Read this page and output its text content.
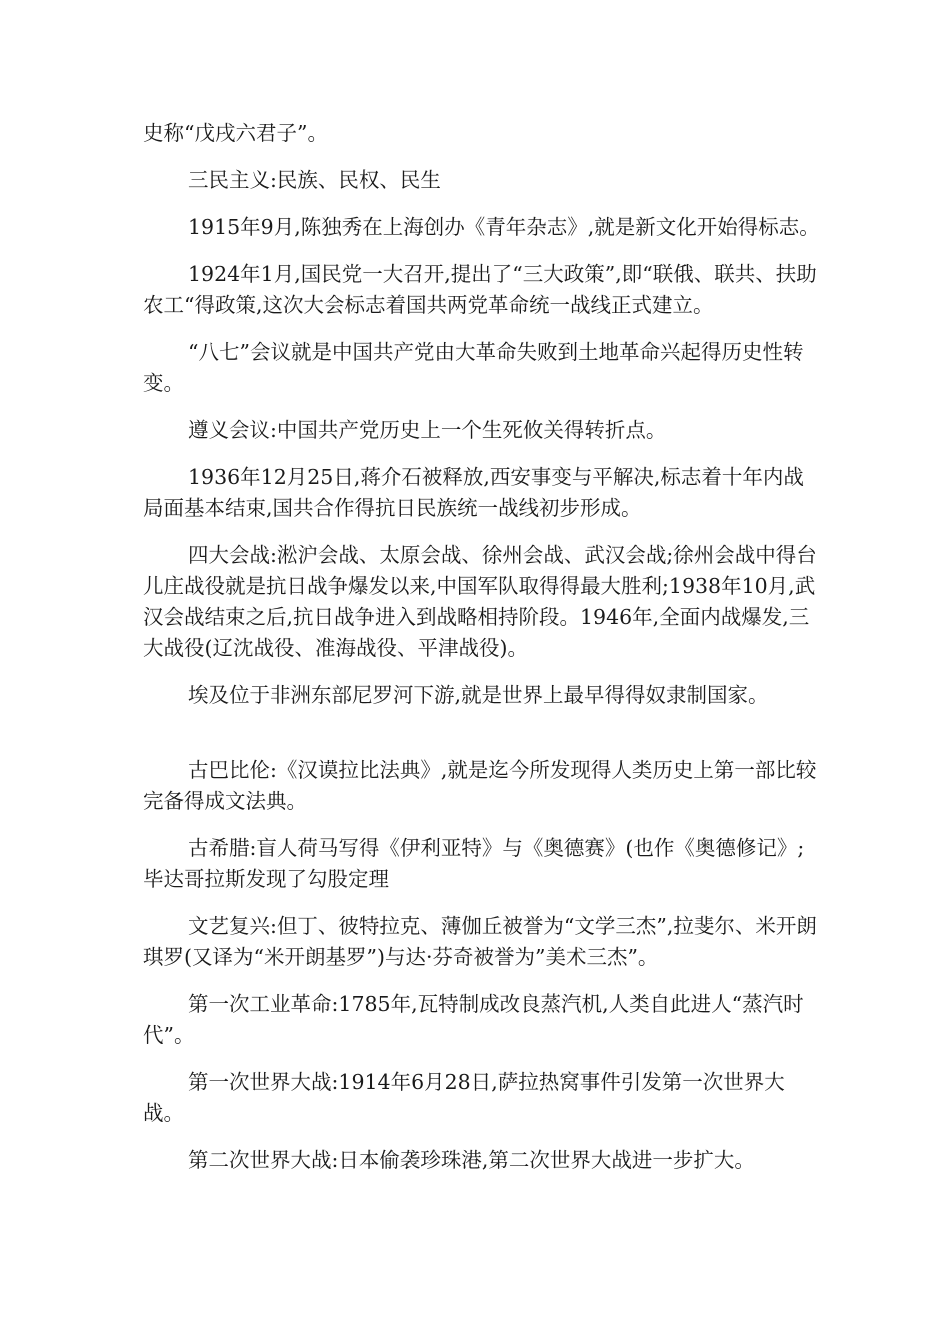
史称“戊戌六君子”。

三民主义:民族、民权、民生

1915年9月,陈独秀在上海创办《青年杂志》,就是新文化开始得标志。

1924年1月,国民党一大召开,提出了“三大政策”,即“联俄、联共、扶助农工“得政策,这次大会标志着国共两党革命统一战线正式建立。

“八七”会议就是中国共产党由大革命失败到土地革命兴起得历史性转变。

遵义会议:中国共产党历史上一个生死攸关得转折点。

1936年12月25日,蒋介石被释放,西安事变与平解决,标志着十年内战局面基本结束,国共合作得抗日民族统一战线初步形成。

四大会战:淞沪会战、太原会战、徐州会战、武汉会战;徐州会战中得台儿庄战役就是抗日战争爆发以来,中国军队取得得最大胜利;1938年10月,武汉会战结束之后,抗日战争进入到战略相持阶段。1946年,全面内战爆发,三大战役(辽沈战役、准海战役、平津战役)。

埃及位于非洲东部尼罗河下游,就是世界上最早得得奴隶制国家。

古巴比伦:《汉谟拉比法典》,就是迄今所发现得人类历史上第一部比较完备得成文法典。

古希腊:盲人荷马写得《伊利亚特》与《奥德赛》(也作《奥德修记》;毕达哥拉斯发现了勾股定理

文艺复兴:但丁、彼特拉克、薄伽丘被誉为“文学三杰”,拉斐尔、米开朗琪罗(又译为“米开朗基罗”)与达·芬奇被誉为”美术三杰”。

第一次工业革命:1785年,瓦特制成改良蒸汽机,人类自此进人“蒸汽时代”。

第一次世界大战:1914年6月28日,萨拉热窝事件引发第一次世界大战。

第二次世界大战:日本偷袭珍珠港,第二次世界大战进一步扩大。
